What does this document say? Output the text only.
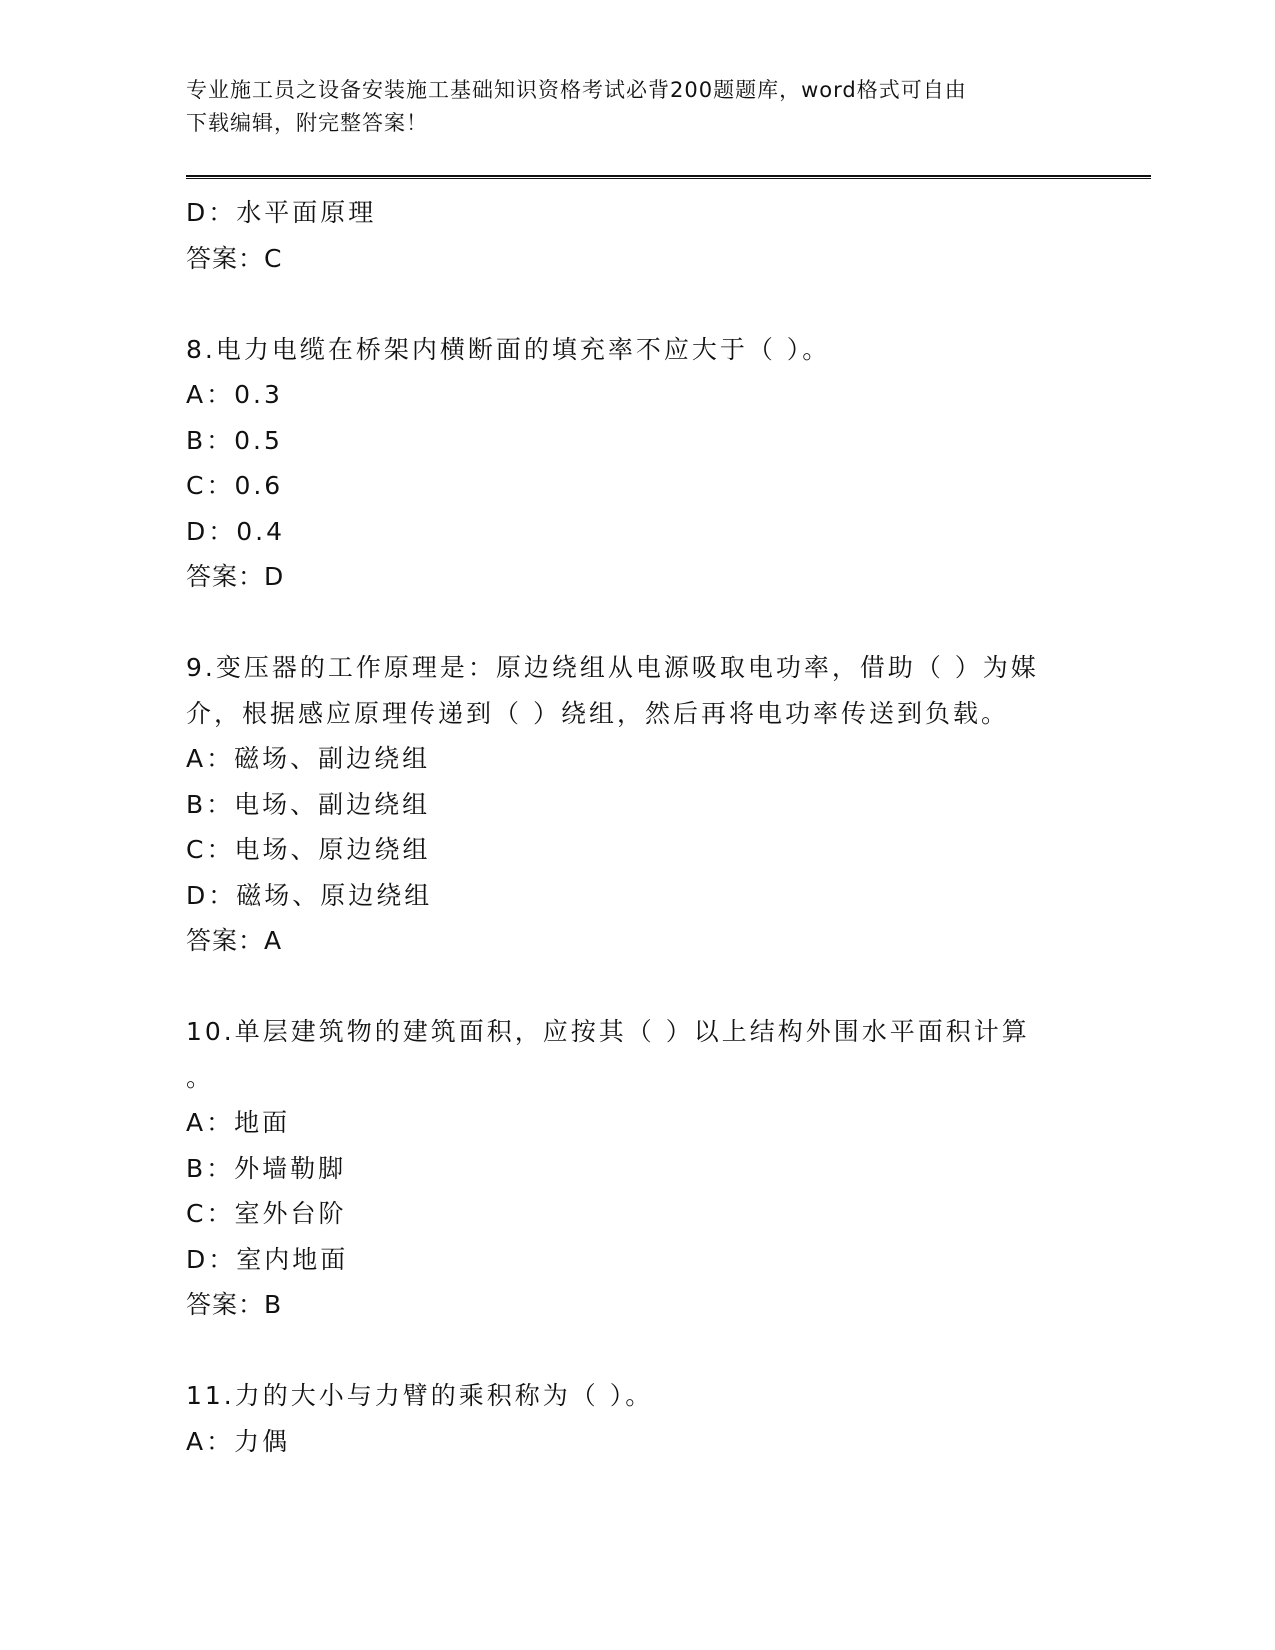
专业施工员之设备安装施工基础知识资格考试必背200题题库，word格式可自由
下载编辑，附完整答案！
D：水平面原理
答案：C
8.电力电缆在桥架内横断面的填充率不应大于（ ）。
A：0.3
B：0.5
C：0.6
D：0.4
答案：D
9.变压器的工作原理是：原边绕组从电源吸取电功率，借助（ ）为媒
介，根据感应原理传递到（ ）绕组，然后再将电功率传送到负载。
A：磁场、副边绕组
B：电场、副边绕组
C：电场、原边绕组
D：磁场、原边绕组
答案：A
10.单层建筑物的建筑面积，应按其（ ）以上结构外围水平面积计算
。
A：地面
B：外墙勒脚
C：室外台阶
D：室内地面
答案：B
11.力的大小与力臂的乘积称为（ ）。
A：力偶
